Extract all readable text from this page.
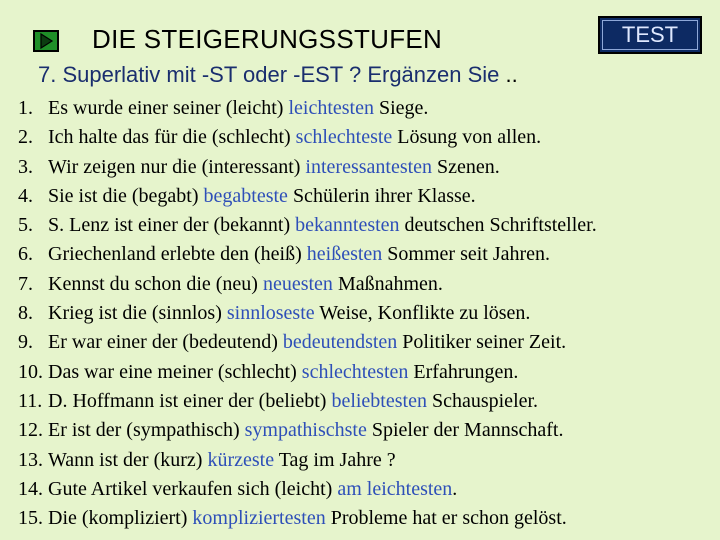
DIE STEIGERUNGSSTUFEN	TEST
7. Superlativ mit -ST oder -EST ? Ergänzen Sie ..
1. Es wurde einer seiner (leicht) leichtesten Siege.
2. Ich halte das für die (schlecht) schlechteste Lösung von allen.
3. Wir zeigen nur die (interessant) interessantesten Szenen.
4. Sie ist die (begabt) begabteste Schülerin ihrer Klasse.
5. S. Lenz ist einer der (bekannt) bekanntesten deutschen Schriftsteller.
6. Griechenland erlebte den (heiß) heißesten Sommer seit Jahren.
7. Kennst du schon die (neu) neuesten Maßnahmen.
8. Krieg ist die (sinnlos) sinnloseste Weise, Konflikte zu lösen.
9. Er war einer der (bedeutend) bedeutendsten Politiker seiner Zeit.
10. Das war eine meiner (schlecht) schlechtesten Erfahrungen.
11. D. Hoffmann ist einer der (beliebt) beliebtesten Schauspieler.
12. Er ist der (sympathisch) sympathischste Spieler der Mannschaft.
13. Wann ist der (kurz) kürzeste Tag im Jahre ?
14. Gute Artikel verkaufen sich (leicht) am leichtesten.
15. Die (kompliziert) kompliziertesten Probleme hat er schon gelöst.
